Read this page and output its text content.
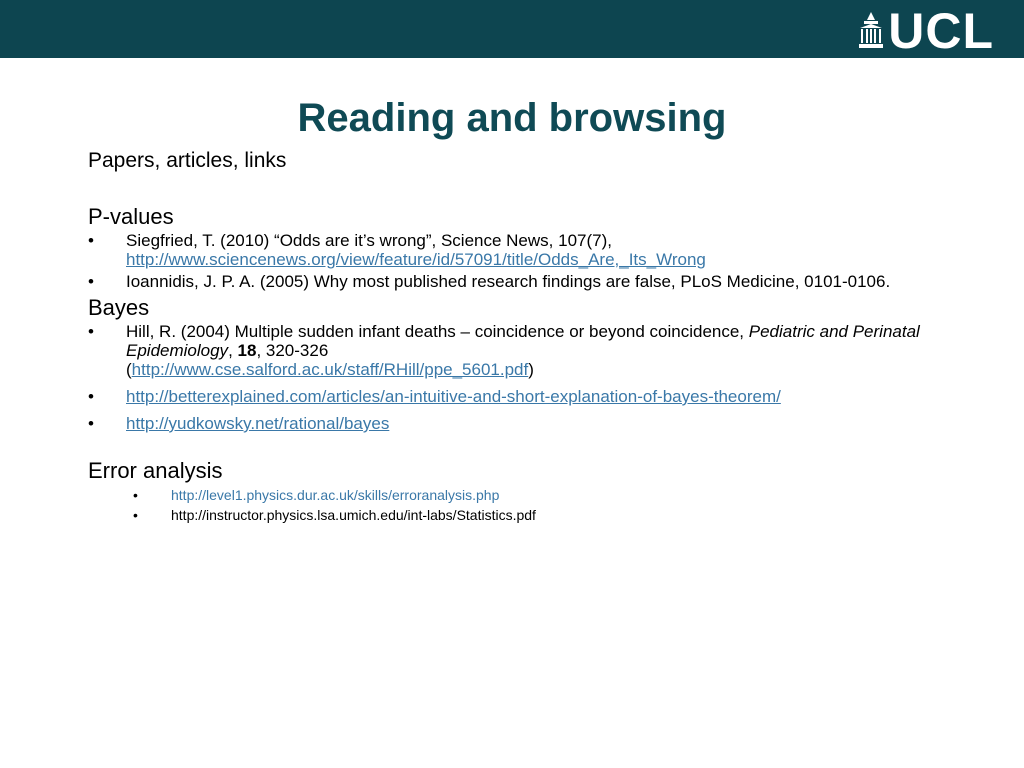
UCL
Reading and browsing

Papers, articles, links

P-values

• Siegfried, T. (2010) “Odds are it’s wrong”, Science News, 107(7),
http://www.sciencenews.org/view/feature/id/57091/title/Odds_Are,_Its_Wrong
• Ioannidis, J. P. A. (2005) Why most published research findings are false, PLoS Medicine, 0101-0106.

Bayes

• Hill, R. (2004) Multiple sudden infant deaths – coincidence or beyond coincidence, Pediatric and Perinatal Epidemiology, 18, 320-326
(http://www.cse.salford.ac.uk/staff/RHill/ppe_5601.pdf)
• http://betterexplained.com/articles/an-intuitive-and-short-explanation-of-bayes-theorem/
• http://yudkowsky.net/rational/bayes

Error analysis

• http://level1.physics.dur.ac.uk/skills/erroranalysis.php
• http://instructor.physics.lsa.umich.edu/int-labs/Statistics.pdf
